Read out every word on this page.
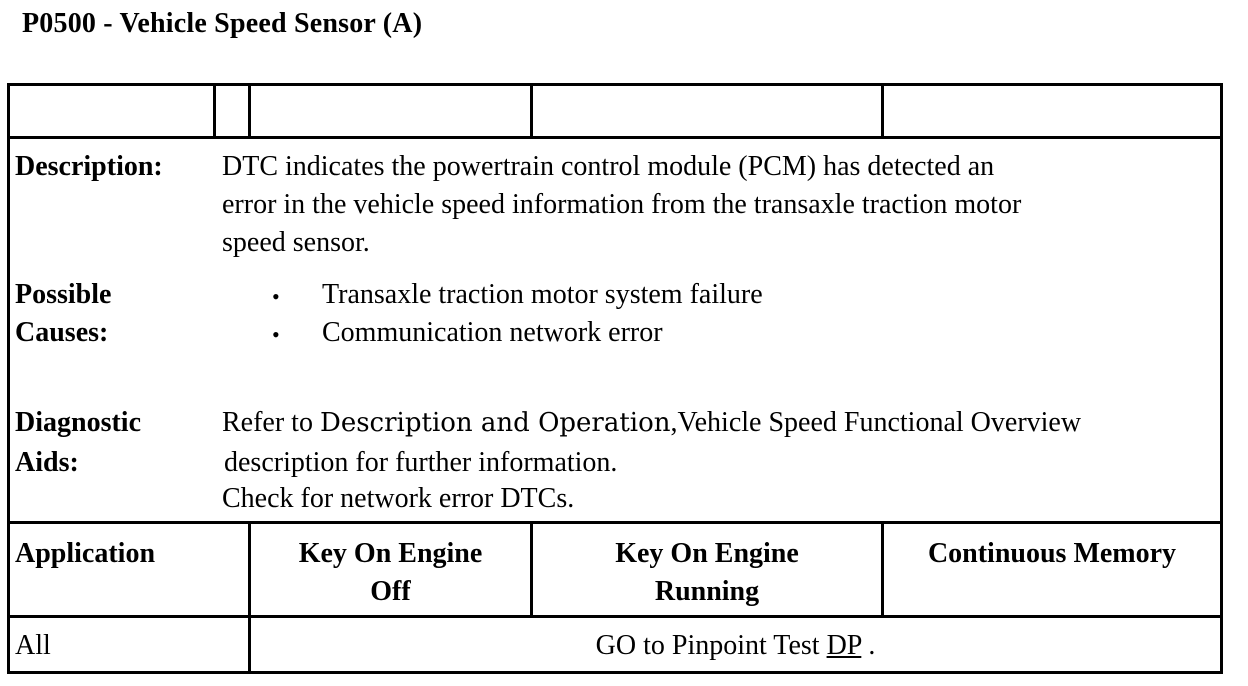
P0500 - Vehicle Speed Sensor (A)
Description: DTC indicates the powertrain control module (PCM) has detected an
error in the vehicle speed information from the transaxle traction motor
speed sensor.
Possible
Causes:
• Transaxle traction motor system failure
• Communication network error
Diagnostic
Aids:
Refer to Description and Operation,Vehicle Speed Functional Overview
description for further information.
Check for network error DTCs.
Application	Key On Engine
Off
Key On Engine
Running
Continuous Memory
All	GO to Pinpoint Test DP .
